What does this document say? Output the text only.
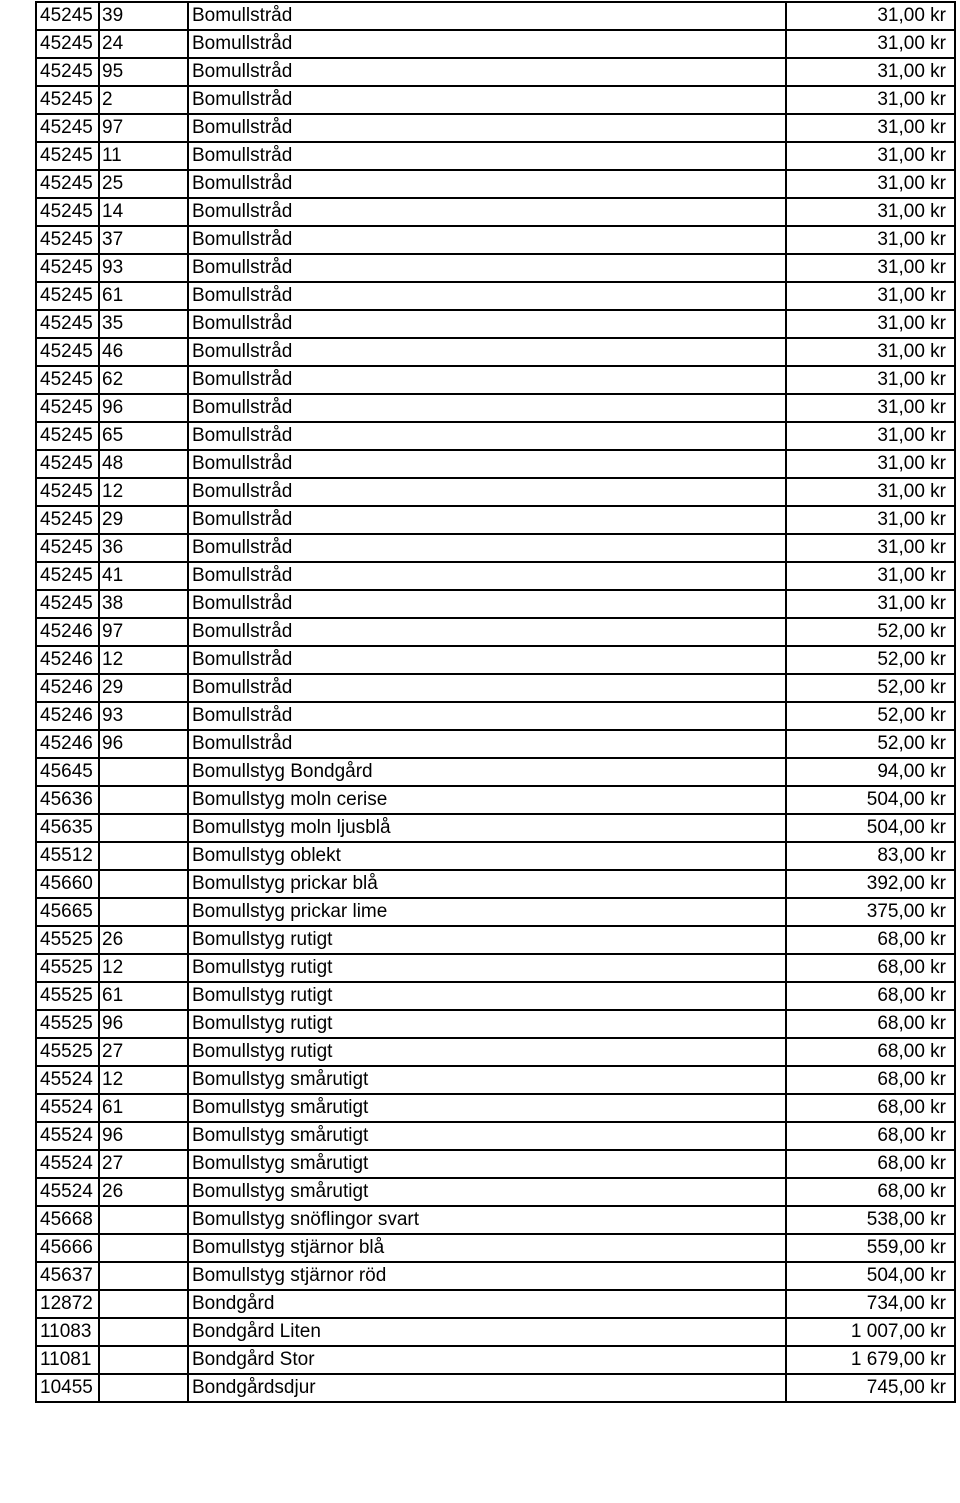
45245	39	Bomullstråd	31,00 kr
45245	24	Bomullstråd	31,00 kr
45245	95	Bomullstråd	31,00 kr
45245	2	Bomullstråd	31,00 kr
45245	97	Bomullstråd	31,00 kr
45245	11	Bomullstråd	31,00 kr
45245	25	Bomullstråd	31,00 kr
45245	14	Bomullstråd	31,00 kr
45245	37	Bomullstråd	31,00 kr
45245	93	Bomullstråd	31,00 kr
45245	61	Bomullstråd	31,00 kr
45245	35	Bomullstråd	31,00 kr
45245	46	Bomullstråd	31,00 kr
45245	62	Bomullstråd	31,00 kr
45245	96	Bomullstråd	31,00 kr
45245	65	Bomullstråd	31,00 kr
45245	48	Bomullstråd	31,00 kr
45245	12	Bomullstråd	31,00 kr
45245	29	Bomullstråd	31,00 kr
45245	36	Bomullstråd	31,00 kr
45245	41	Bomullstråd	31,00 kr
45245	38	Bomullstråd	31,00 kr
45246	97	Bomullstråd	52,00 kr
45246	12	Bomullstråd	52,00 kr
45246	29	Bomullstråd	52,00 kr
45246	93	Bomullstråd	52,00 kr
45246	96	Bomullstråd	52,00 kr
45645		Bomullstyg Bondgård	94,00 kr
45636		Bomullstyg moln cerise	504,00 kr
45635		Bomullstyg moln ljusblå	504,00 kr
45512		Bomullstyg oblekt	83,00 kr
45660		Bomullstyg prickar blå	392,00 kr
45665		Bomullstyg prickar lime	375,00 kr
45525	26	Bomullstyg rutigt	68,00 kr
45525	12	Bomullstyg rutigt	68,00 kr
45525	61	Bomullstyg rutigt	68,00 kr
45525	96	Bomullstyg rutigt	68,00 kr
45525	27	Bomullstyg rutigt	68,00 kr
45524	12	Bomullstyg smårutigt	68,00 kr
45524	61	Bomullstyg smårutigt	68,00 kr
45524	96	Bomullstyg smårutigt	68,00 kr
45524	27	Bomullstyg smårutigt	68,00 kr
45524	26	Bomullstyg smårutigt	68,00 kr
45668		Bomullstyg snöflingor svart	538,00 kr
45666		Bomullstyg stjärnor blå	559,00 kr
45637		Bomullstyg stjärnor röd	504,00 kr
12872		Bondgård	734,00 kr
11083		Bondgård Liten	1 007,00 kr
11081		Bondgård Stor	1 679,00 kr
10455		Bondgårdsdjur	745,00 kr
